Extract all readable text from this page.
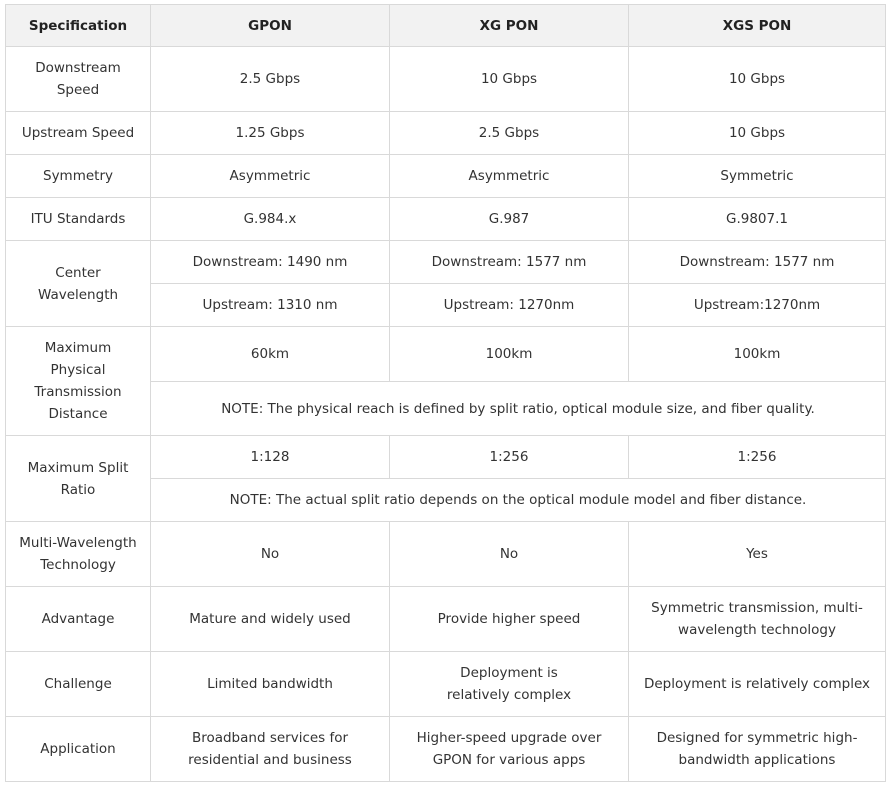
Specification	GPON	XG PON	XGS PON
Downstream Speed	2.5 Gbps	10 Gbps	10 Gbps
Upstream Speed	1.25 Gbps	2.5 Gbps	10 Gbps
Symmetry	Asymmetric	Asymmetric	Symmetric
ITU Standards	G.984.x	G.987	G.9807.1
Center Wavelength	Downstream: 1490 nm	Downstream: 1577 nm	Downstream: 1577 nm
	Upstream: 1310 nm	Upstream: 1270nm	Upstream:1270nm
Maximum Physical Transmission Distance	60km	100km	100km
	NOTE: The physical reach is defined by split ratio, optical module size, and fiber quality.		
Maximum Split Ratio	1:128	1:256	1:256
	NOTE: The actual split ratio depends on the optical module model and fiber distance.		
Multi-Wavelength Technology	No	No	Yes
Advantage	Mature and widely used	Provide higher speed	Symmetric transmission, multi-wavelength technology
Challenge	Limited bandwidth	Deployment is relatively complex	Deployment is relatively complex
Application	Broadband services for residential and business	Higher-speed upgrade over GPON for various apps	Designed for symmetric high-bandwidth applications
